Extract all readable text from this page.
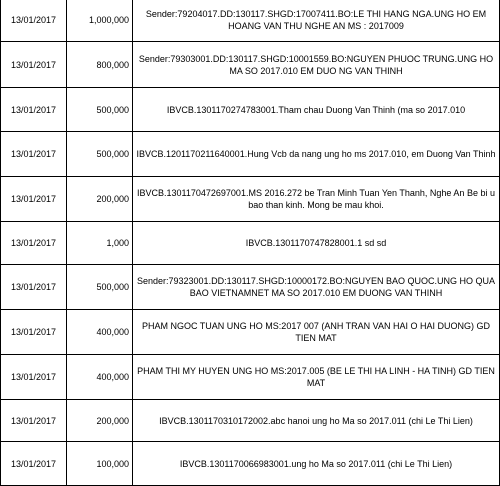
13/01/2017	1,000,000	Sender:79204017.DD:130117.SHGD:17007411.BO:LE THI HANG NGA.UNG HO EM HOANG VAN THU NGHE AN MS : 2017009
13/01/2017	800,000	Sender:79303001.DD:130117.SHGD:10001559.BO:NGUYEN PHUOC TRUNG.UNG HO MA SO 2017.010 EM DUO NG VAN THINH
13/01/2017	500,000	IBVCB.1301170274783001.Tham chau Duong Van Thinh (ma so 2017.010
13/01/2017	500,000	IBVCB.1201170211640001.Hung Vcb da nang ung ho ms 2017.010, em Duong Van Thinh
13/01/2017	200,000	IBVCB.1301170472697001.MS 2016.272 be Tran Minh Tuan Yen Thanh, Nghe An Be bi u bao than kinh. Mong be mau khoi.
13/01/2017	1,000	IBVCB.1301170747828001.1 sd sd
13/01/2017	500,000	Sender:79323001.DD:130117.SHGD:10000172.BO:NGUYEN BAO QUOC.UNG HO QUA BAO VIETNAMNET MA SO 2017.010 EM DUONG VAN THINH
13/01/2017	400,000	PHAM NGOC TUAN UNG HO MS:2017 007 (ANH TRAN VAN HAI O HAI DUONG) GD TIEN MAT
13/01/2017	400,000	PHAM THI MY HUYEN UNG HO MS:2017.005 (BE LE THI HA LINH - HA TINH) GD TIEN MAT
13/01/2017	200,000	IBVCB.1301170310172002.abc hanoi ung ho Ma so 2017.011 (chi Le Thi Lien)
13/01/2017	100,000	IBVCB.1301170066983001.ung ho Ma so 2017.011 (chi Le Thi Lien)
